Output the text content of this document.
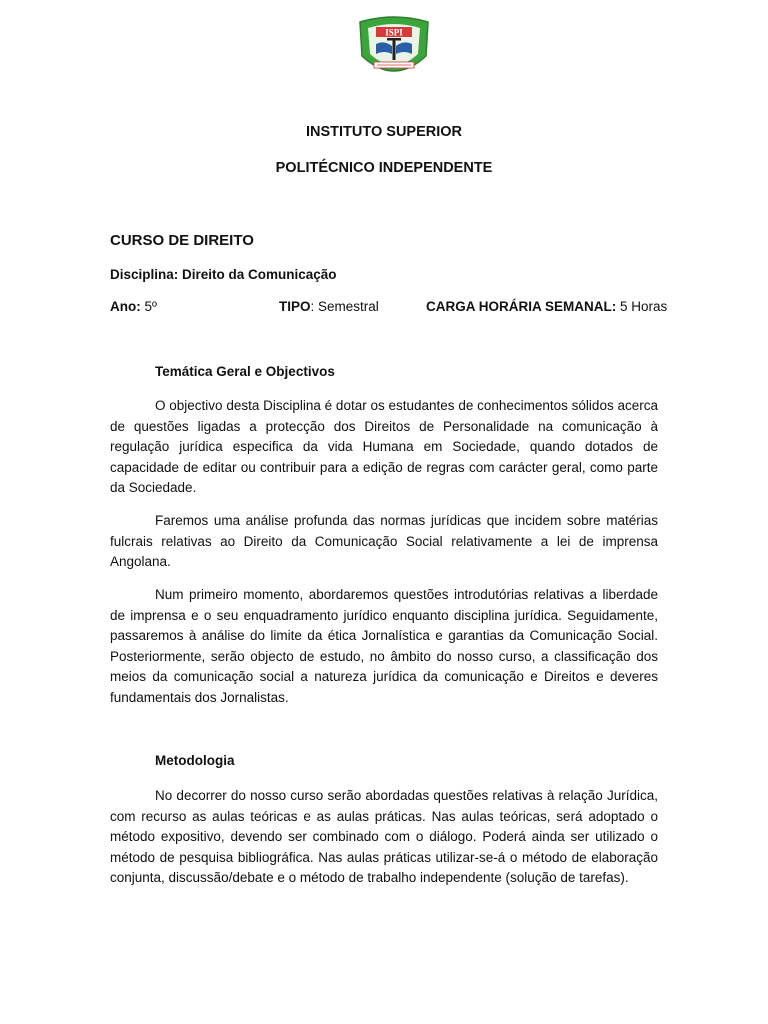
ISPI
INSTITUTO SUPERIOR
POLITÉCNICO INDEPENDENTE
CURSO DE DIREITO
Disciplina: Direito da Comunicação
Ano: 5º	TIPO: Semestral	CARGA HORÁRIA SEMANAL: 5 Horas
Temática Geral e Objectivos

O objectivo desta Disciplina é dotar os estudantes de conhecimentos sólidos acerca de questões ligadas a protecção dos Direitos de Personalidade na comunicação à regulação jurídica especifica da vida Humana em Sociedade, quando dotados de capacidade de editar ou contribuir para a edição de regras com carácter geral, como parte da Sociedade.

Faremos uma análise profunda das normas jurídicas que incidem sobre matérias fulcrais relativas ao Direito da Comunicação Social relativamente a lei de imprensa Angolana.

Num primeiro momento, abordaremos questões introdutórias relativas a liberdade de imprensa e o seu enquadramento jurídico enquanto disciplina jurídica. Seguidamente, passaremos à análise do limite da ética Jornalística e garantias da Comunicação Social. Posteriormente, serão objecto de estudo, no âmbito do nosso curso, a classificação dos meios da comunicação social a natureza jurídica da comunicação e Direitos e deveres fundamentais dos Jornalistas.

Metodologia

No decorrer do nosso curso serão abordadas questões relativas à relação Jurídica, com recurso as aulas teóricas e as aulas práticas. Nas aulas teóricas, será adoptado o método expositivo, devendo ser combinado com o diálogo. Poderá ainda ser utilizado o método de pesquisa bibliográfica. Nas aulas práticas utilizar-se-á o método de elaboração conjunta, discussão/debate e o método de trabalho independente (solução de tarefas).
